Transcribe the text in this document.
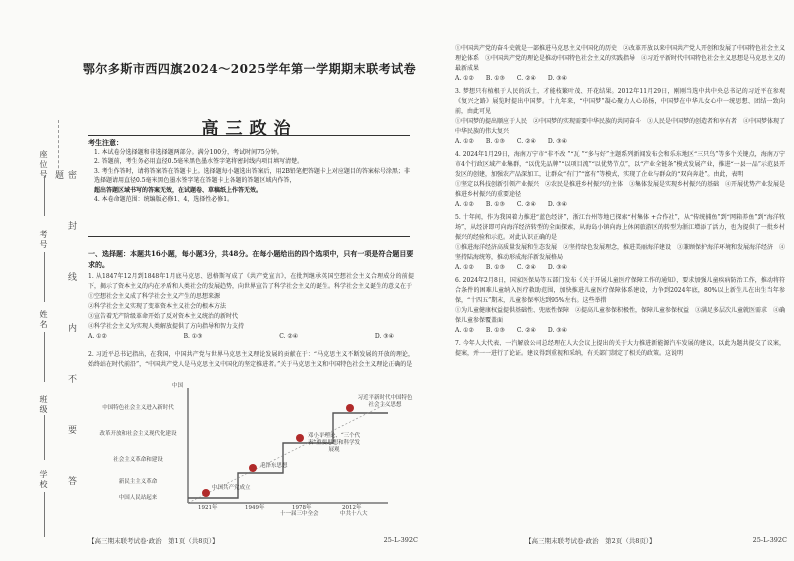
座位号
考号
姓名
班级
学校
密封线内不要答题
鄂尔多斯市西四旗2024～2025学年第一学期期末联考试卷
高三政治
考生注意：

1. 本试卷分选择题和非选择题两部分。满分100分，考试时间75分钟。

2. 答题前，考生务必用直径0.5毫米黑色墨水签字笔将密封线内项目填写清楚。

3. 考生作答时，请将答案答在答题卡上。选择题每小题选出答案后，用2B铅笔把答题卡上对应题目的答案标号涂黑；非选择题请用直径0.5毫米黑色墨水签字笔在答题卡上各题的答题区域内作答，

超出答题区域书写的答案无效，在试题卷、草稿纸上作答无效。

4. 本卷命题范围：统编版必修1、4，选择性必修1。

一、选择题：本题共16小题，每小题3分，共48分。在每小题给出的四个选项中，只有一项是符合题目要求的。
1. 从1847年12月到1848年1月底马克思、恩格斯写成了《共产党宣言》，在批判继承英国空想社会主义合理成分的前提下，揭示了资本主义的内在矛盾和人类社会的发展趋势，向世界宣告了科学社会主义的诞生。科学社会主义诞生的意义在于
①空想社会主义成了科学社会主义产生的思想来源
②科学社会主义实现了变革资本主义社会的根本方法
③宣告着无产阶级革命开始了反对资本主义统治的新时代
④科学社会主义为实现人类解放提供了方向指导和智力支持
A. ①②	B. ①③	C. ②④	D. ③④
2. 习近平总书记指出，在我国，中国共产党与世界马克思主义理论发展的贡献在于：“马克思主义不断发展的开放的理论，始终站在时代前沿”，“中国共产党人是马克思主义中国化的坚定推进者。”关于马克思主义和中国特色社会主义理论正确的是
中国
中国特色社会主义进入新时代
改革开放和社会主义现代化建设
社会主义革命和建设
新民主主义革命
中国人民站起来
中国共产党成立
毛泽东思想
邓小平理论、“三个代表”重要思想和科学发展观
习近平新时代中国特色社会主义思想
1921年	1949年	1978年	2012年
十一届三中全会	中共十八大
【高三期末联考试卷·政治　第1页（共8页）】	25-L-392C
①中国共产党的奋斗史就是一部推进马克思主义中国化的历史　②改革开放以来中国共产党人开创和发展了中国特色社会主义理论体系　③中国共产党的理论是推动中国特色社会主义的实践指导　④习近平新时代中国特色社会主义思想是马克思主义的最新成果
A. ①②　　B. ①③　　C. ②④　　D. ③④
3. 梦想只有植根于人民的沃土，才能枝繁叶茂、开花结果。2012年11月29日，刚刚当选中共中央总书记的习近平在参观《复兴之路》展览时提出中国梦。十九年来，“中国梦”凝心聚力人心昂扬，中国梦在中华儿女心中一统思想、团结一致向前，由此可见
①中国梦的提出顺应于人民　②中国梦的实现需要中华民族的共同奋斗　③人民是中国梦的创造者和享有者　④中国梦体现了中华民族的伟大复兴
A. ①②　　B. ①③　　C. ②④　　D. ③④
4. 2024年1月29日，海南万宁市“非不改 ”“瓦 ”“多与好”主题系列新闻发布会和乐东地区“三只鸟”等多个关键点，海南万宁市4个行政区域产业集群，“以优先品牌”“以项目流”“以优势节点”，以“产业全链条”模式发展产业，推进“一县一品”示范县开发区的创建，加强农产品深加工，让群众“有门”“富有”等模式，实现了企业与群众的“双向奔赴”。由此，表明
①坚定以科技创新引领产业振兴　②农民是推进乡村振兴的主体　③集体发展是实现乡村振兴的基础　④开展优势产业发展是推进乡村振兴的重要途径
A. ①②　　B. ①③　　C. ②④　　D. ③④
5. 十年间，作为我国着力推进“蓝色经济”，浙江台州等地已探索“村集体 +合作社”，从“传统捕鱼”到“网箱养鱼”到“海洋牧场”，从经济即可向海洋经济转型的全面探索，从海岛小镇向海上休闲旅游区的转型为浙江增添了活力，也为提供了一批乡村振兴的经验和示范。对此认识正确的是
①推进海洋经济高质量发展和生态发展　②坚持绿色发展理念，推进美丽海洋建设　③兼顾保护海洋环境和发展海洋经济　④坚持陆海统筹，推动形成海洋新发展格局
A. ①②　　B. ①③　　C. ②④　　D. ③④
6. 2024年2月8日，国家医保局等五部门发布《关于开展儿童医疗保障工作的通知》，要求加强儿童疾病防治工作，推动将符合条件的困难儿童纳入医疗救助范围，加快推进儿童医疗保障体系建设，力争到2024年底，80%以上新生儿在出生当年参保，“十四五”期末，儿童参保率达到95%左右。这些举措
①为儿童健康权益提供基础性、兜底性保障　②提高儿童参保积极性，保障儿童参保权益　③满足多层次儿童就医需求　④确保儿童参保覆盖面
A. ①②　　B. ①③　　C. ②④　　D. ③④
7. 今年人大代表、一汽解放公司总经理在人大会议上提出的关于大力推进新能源汽车发展的建议，以此为题共提交了议案，提案，并一一进行了论证。建议得到重视和采纳，有关部门制定了相关的政策。这说明
【高三期末联考试卷·政治　第2页（共8页）】	25-L-392C
